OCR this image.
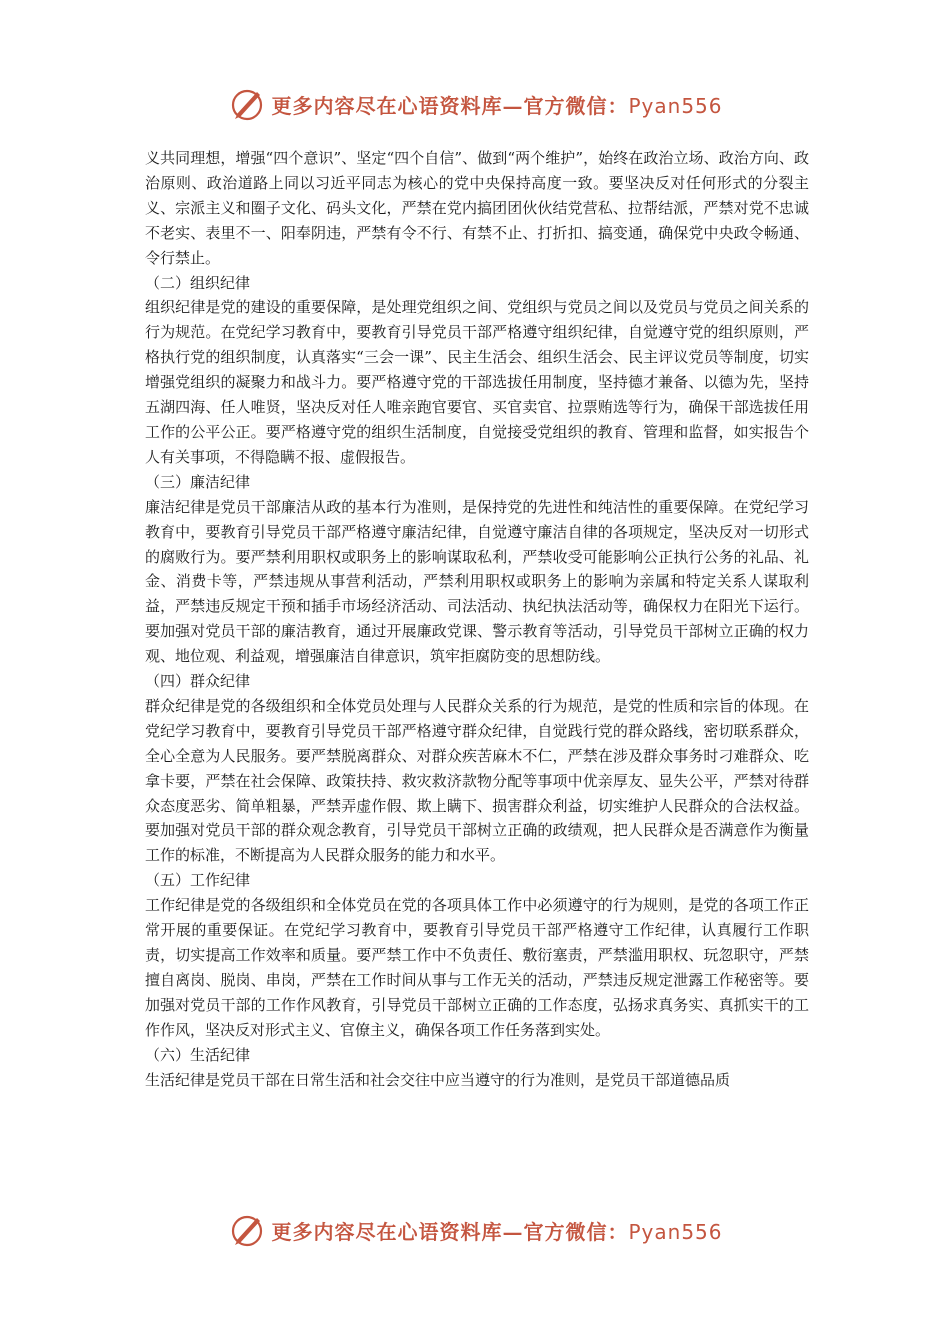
更多内容尽在心语资料库—官方微信：Pyan556

义共同理想，增强“四个意识”、坚定“四个自信”、做到“两个维护”，始终在政治立场、政治方向、政治原则、政治道路上同以习近平同志为核心的党中央保持高度一致。要坚决反对任何形式的分裂主义、宗派主义和圈子文化、码头文化，严禁在党内搞团团伙伙结党营私、拉帮结派，严禁对党不忠诚不老实、表里不一、阳奉阴违，严禁有令不行、有禁不止、打折扣、搞变通，确保党中央政令畅通、令行禁止。

（二）组织纪律

组织纪律是党的建设的重要保障，是处理党组织之间、党组织与党员之间以及党员与党员之间关系的行为规范。在党纪学习教育中，要教育引导党员干部严格遵守组织纪律，自觉遵守党的组织原则，严格执行党的组织制度，认真落实“三会一课”、民主生活会、组织生活会、民主评议党员等制度，切实增强党组织的凝聚力和战斗力。要严格遵守党的干部选拔任用制度，坚持德才兼备、以德为先，坚持五湖四海、任人唯贤，坚决反对任人唯亲跑官要官、买官卖官、拉票贿选等行为，确保干部选拔任用工作的公平公正。要严格遵守党的组织生活制度，自觉接受党组织的教育、管理和监督，如实报告个人有关事项，不得隐瞒不报、虚假报告。

（三）廉洁纪律

廉洁纪律是党员干部廉洁从政的基本行为准则，是保持党的先进性和纯洁性的重要保障。在党纪学习教育中，要教育引导党员干部严格遵守廉洁纪律，自觉遵守廉洁自律的各项规定，坚决反对一切形式的腐败行为。要严禁利用职权或职务上的影响谋取私利，严禁收受可能影响公正执行公务的礼品、礼金、消费卡等，严禁违规从事营利活动，严禁利用职权或职务上的影响为亲属和特定关系人谋取利益，严禁违反规定干预和插手市场经济活动、司法活动、执纪执法活动等，确保权力在阳光下运行。要加强对党员干部的廉洁教育，通过开展廉政党课、警示教育等活动，引导党员干部树立正确的权力观、地位观、利益观，增强廉洁自律意识，筑牢拒腐防变的思想防线。

（四）群众纪律

群众纪律是党的各级组织和全体党员处理与人民群众关系的行为规范，是党的性质和宗旨的体现。在党纪学习教育中，要教育引导党员干部严格遵守群众纪律，自觉践行党的群众路线，密切联系群众，全心全意为人民服务。要严禁脱离群众、对群众疾苦麻木不仁，严禁在涉及群众事务时刁难群众、吃拿卡要，严禁在社会保障、政策扶持、救灾救济款物分配等事项中优亲厚友、显失公平，严禁对待群众态度恶劣、简单粗暴，严禁弄虚作假、欺上瞒下、损害群众利益，切实维护人民群众的合法权益。要加强对党员干部的群众观念教育，引导党员干部树立正确的政绩观，把人民群众是否满意作为衡量工作的标准，不断提高为人民群众服务的能力和水平。

（五）工作纪律

工作纪律是党的各级组织和全体党员在党的各项具体工作中必须遵守的行为规则，是党的各项工作正常开展的重要保证。在党纪学习教育中，要教育引导党员干部严格遵守工作纪律，认真履行工作职责，切实提高工作效率和质量。要严禁工作中不负责任、敷衍塞责，严禁滥用职权、玩忽职守，严禁擅自离岗、脱岗、串岗，严禁在工作时间从事与工作无关的活动，严禁违反规定泄露工作秘密等。要加强对党员干部的工作作风教育，引导党员干部树立正确的工作态度，弘扬求真务实、真抓实干的工作作风，坚决反对形式主义、官僚主义，确保各项工作任务落到实处。

（六）生活纪律

生活纪律是党员干部在日常生活和社会交往中应当遵守的行为准则，是党员干部道德品质

更多内容尽在心语资料库—官方微信：Pyan556
